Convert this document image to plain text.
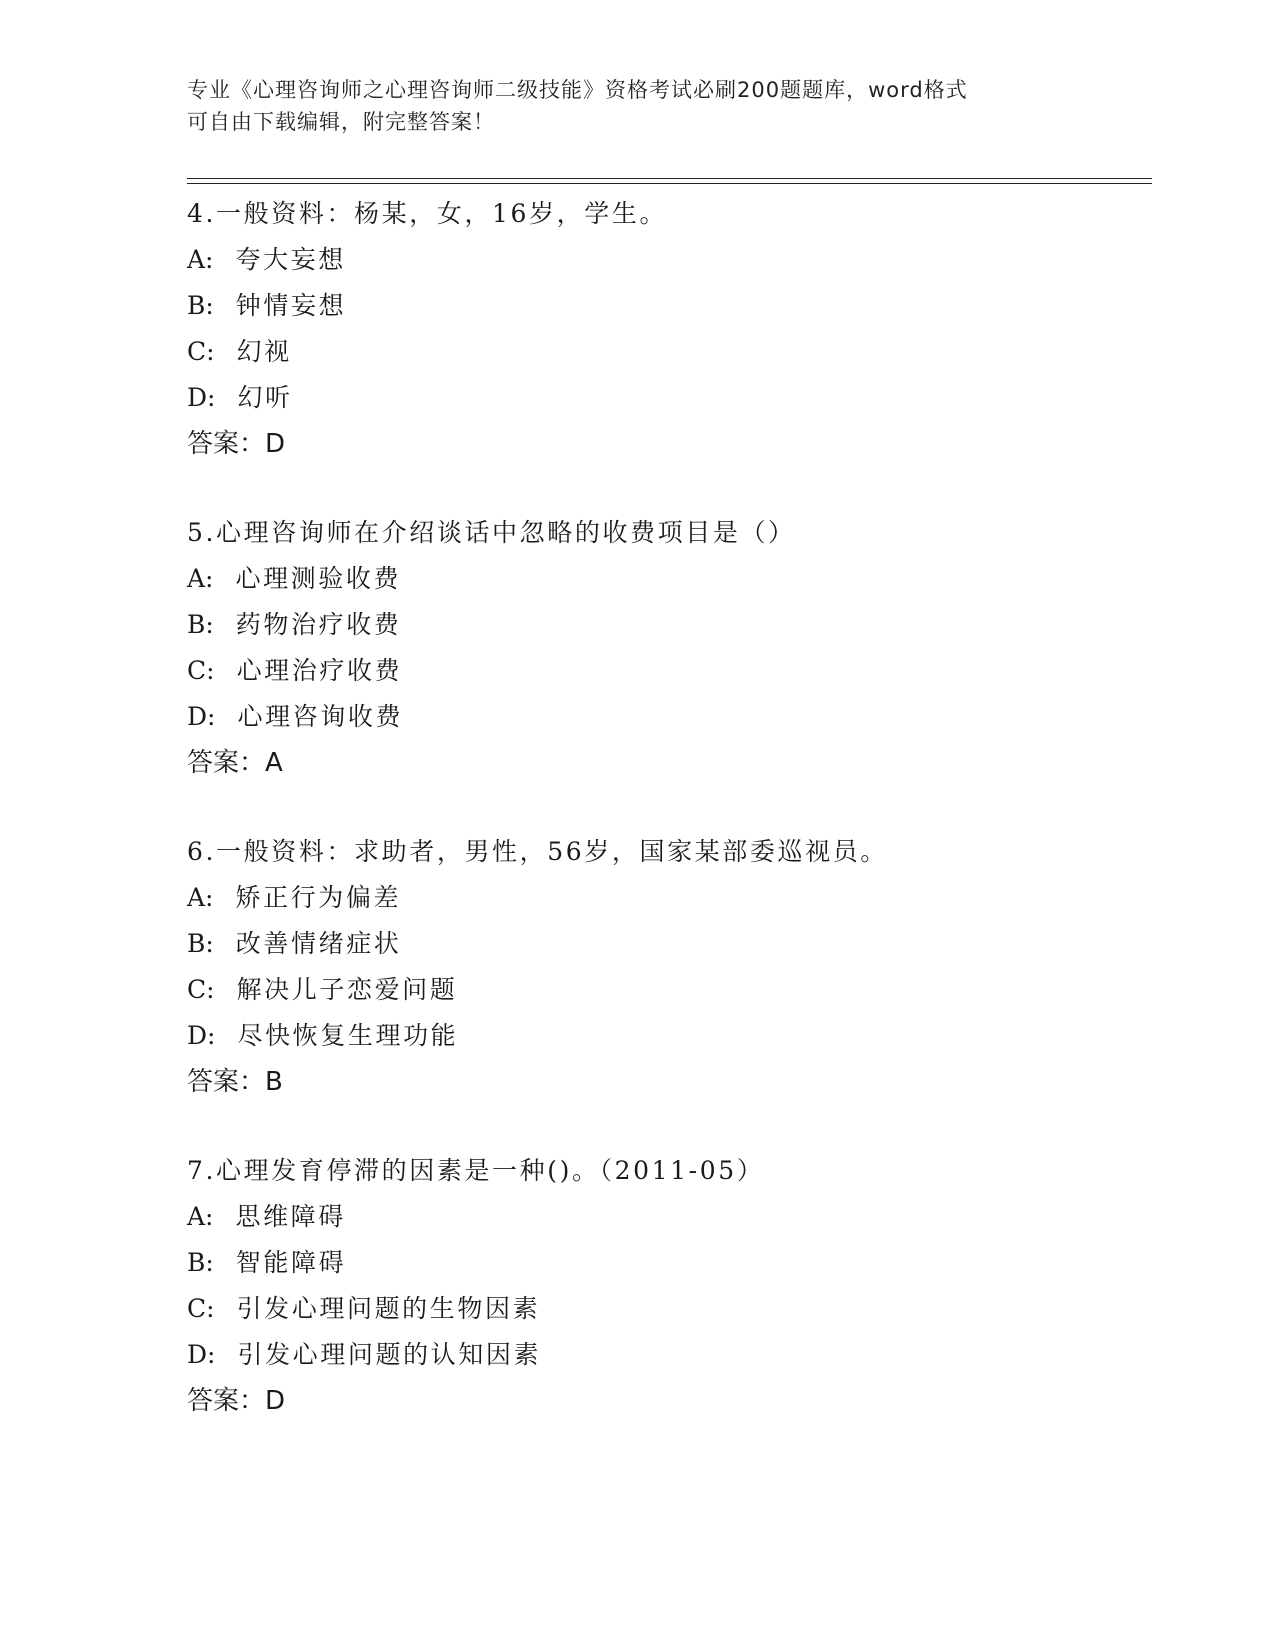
专业《心理咨询师之心理咨询师二级技能》资格考试必刷200题题库，word格式
可自由下载编辑，附完整答案！
4.一般资料：杨某，女，16岁，学生。
A: 夸大妄想
B: 钟情妄想
C: 幻视
D: 幻听
答案：D
5.心理咨询师在介绍谈话中忽略的收费项目是（）
A: 心理测验收费
B: 药物治疗收费
C: 心理治疗收费
D: 心理咨询收费
答案：A
6.一般资料：求助者，男性，56岁，国家某部委巡视员。
A: 矫正行为偏差
B: 改善情绪症状
C: 解决儿子恋爱问题
D: 尽快恢复生理功能
答案：B
7.心理发育停滞的因素是一种()。（2011-05）
A: 思维障碍
B: 智能障碍
C: 引发心理问题的生物因素
D: 引发心理问题的认知因素
答案：D
